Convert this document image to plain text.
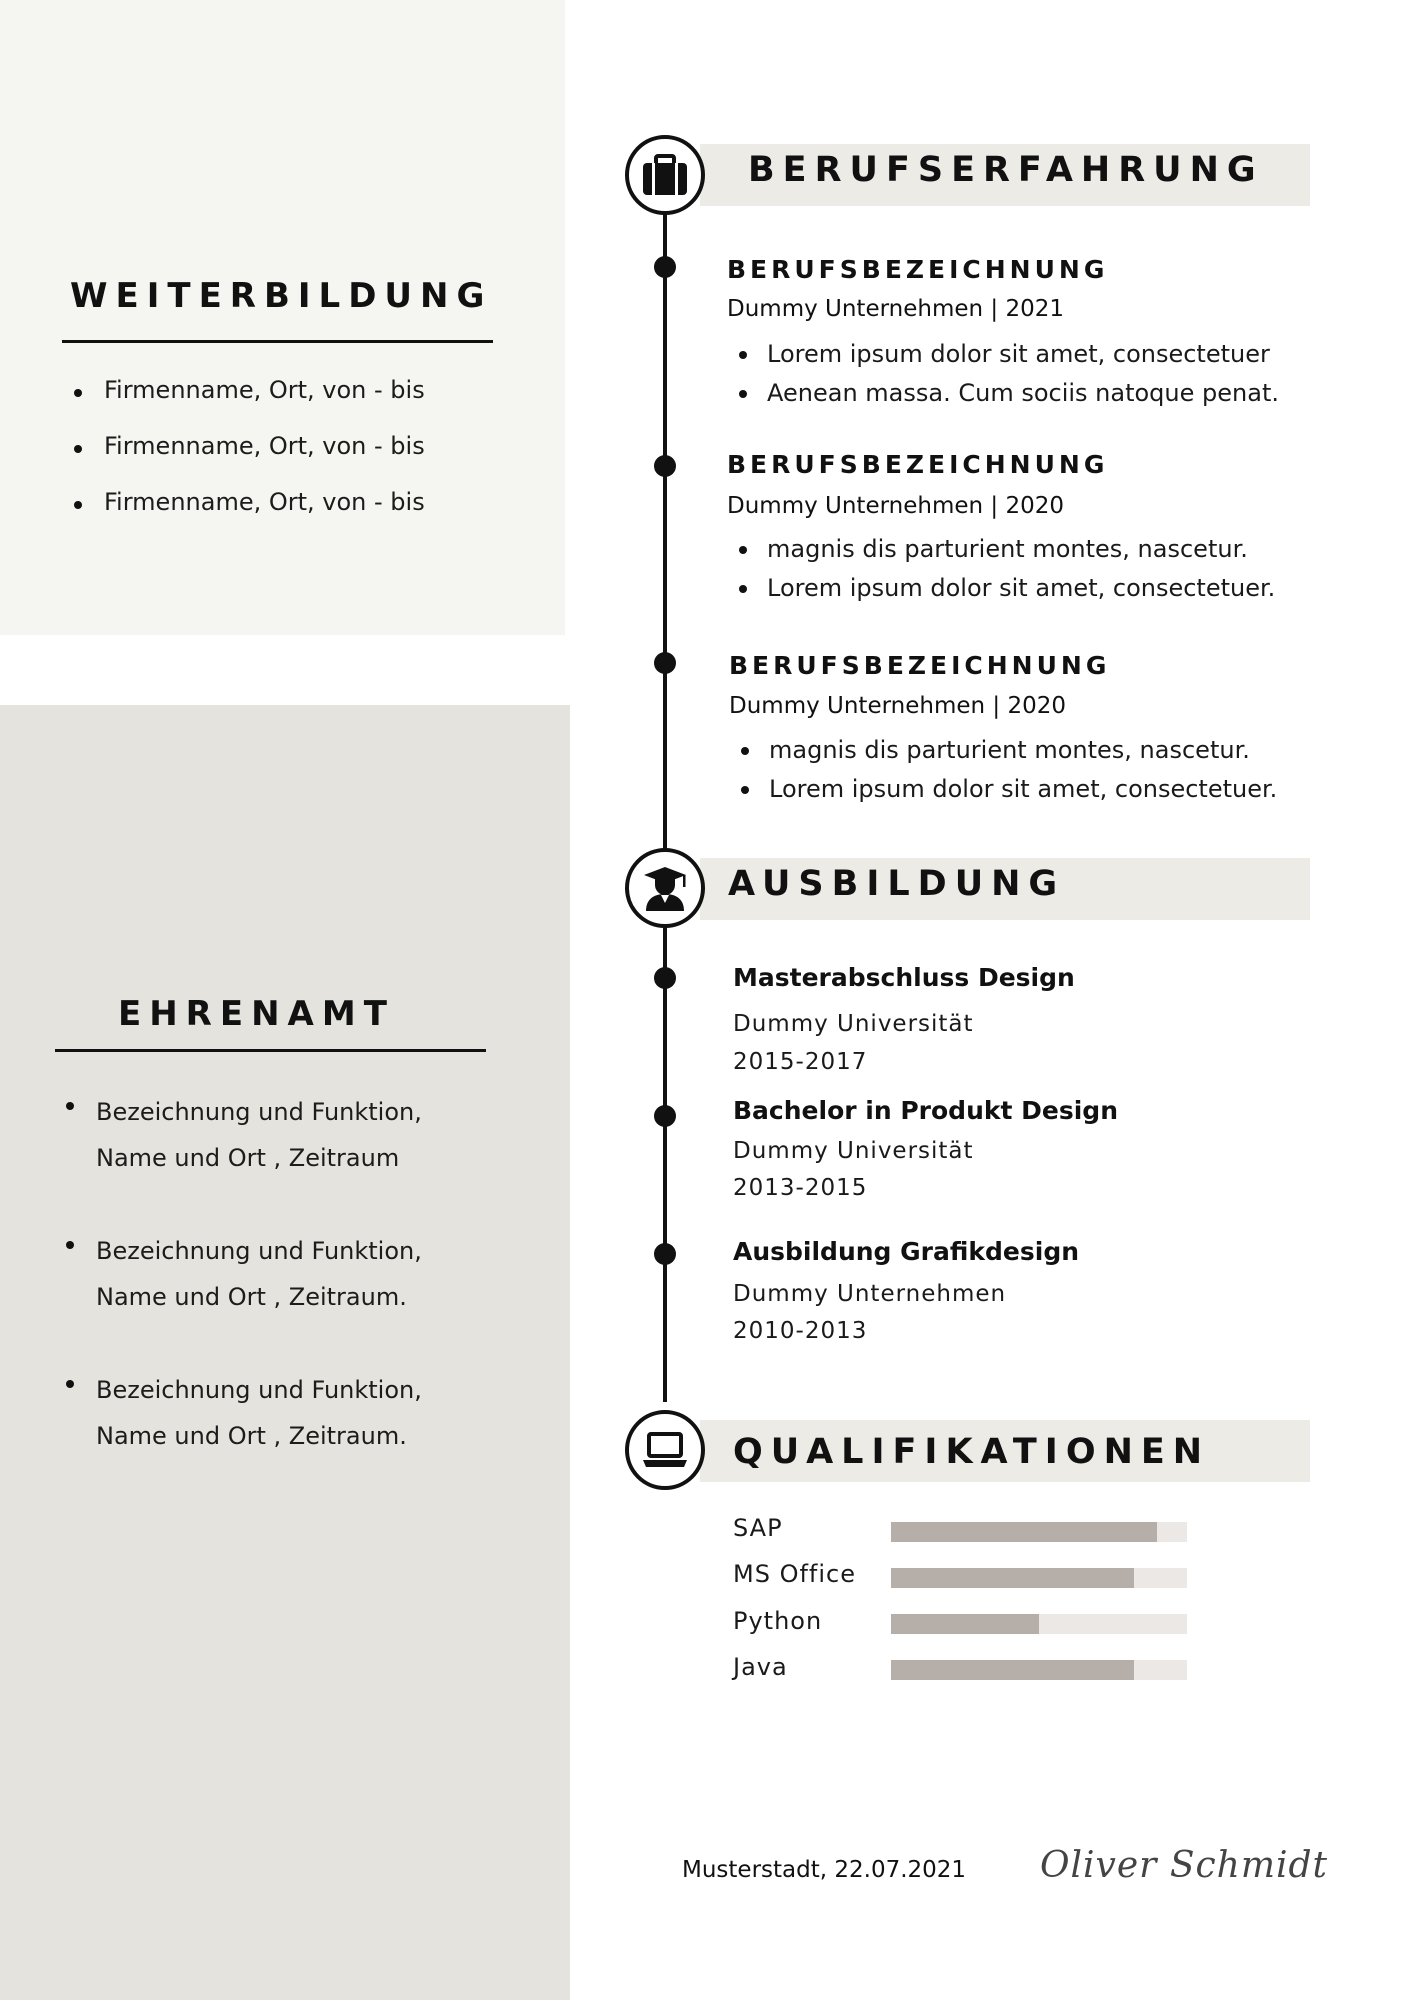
WEITERBILDUNG
Firmenname, Ort, von - bis
Firmenname, Ort, von - bis
Firmenname, Ort, von - bis
EHRENAMT
Bezeichnung und Funktion,
Name und Ort , Zeitraum
Bezeichnung und Funktion,
Name und Ort , Zeitraum.
Bezeichnung und Funktion,
Name und Ort , Zeitraum.
BERUFSERFAHRUNG
BERUFSBEZEICHNUNG
Dummy Unternehmen | 2021
Lorem ipsum dolor sit amet, consectetuer
Aenean massa. Cum sociis natoque penat.
BERUFSBEZEICHNUNG
Dummy Unternehmen | 2020
magnis dis parturient montes, nascetur.
Lorem ipsum dolor sit amet, consectetuer.
BERUFSBEZEICHNUNG
Dummy Unternehmen | 2020
magnis dis parturient montes, nascetur.
Lorem ipsum dolor sit amet, consectetuer.
AUSBILDUNG
Masterabschluss Design
Dummy Universität
2015-2017
Bachelor in Produkt Design
Dummy Universität
2013-2015
Ausbildung Grafikdesign
Dummy Unternehmen
2010-2013
QUALIFIKATIONEN
SAP
MS Office
Python
Java
Musterstadt, 22.07.2021 Oliver Schmidt
